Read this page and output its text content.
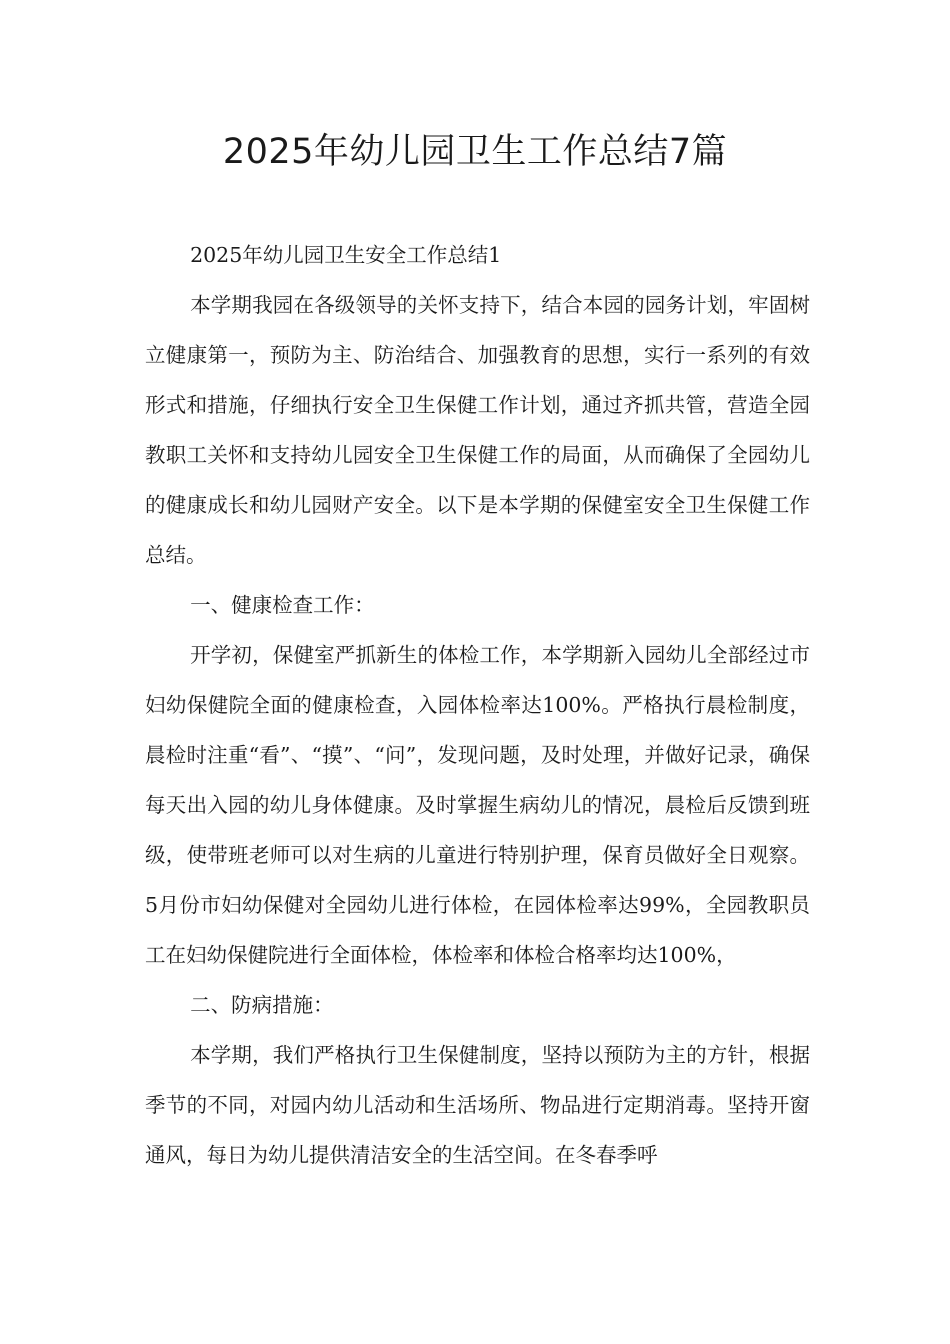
2025年幼儿园卫生工作总结7篇

2025年幼儿园卫生安全工作总结1

本学期我园在各级领导的关怀支持下，结合本园的园务计划，牢固树立健康第一，预防为主、防治结合、加强教育的思想，实行一系列的有效形式和措施，仔细执行安全卫生保健工作计划，通过齐抓共管，营造全园教职工关怀和支持幼儿园安全卫生保健工作的局面，从而确保了全园幼儿的健康成长和幼儿园财产安全。以下是本学期的保健室安全卫生保健工作总结。

一、健康检查工作：

开学初，保健室严抓新生的体检工作，本学期新入园幼儿全部经过市妇幼保健院全面的健康检查，入园体检率达100%。严格执行晨检制度，晨检时注重“看”、“摸”、“问”，发现问题，及时处理，并做好记录，确保每天出入园的幼儿身体健康。及时掌握生病幼儿的情况，晨检后反馈到班级，使带班老师可以对生病的儿童进行特别护理，保育员做好全日观察。5月份市妇幼保健对全园幼儿进行体检，在园体检率达99%，全园教职员工在妇幼保健院进行全面体检，体检率和体检合格率均达100%，

二、防病措施：

本学期，我们严格执行卫生保健制度，坚持以预防为主的方针，根据季节的不同，对园内幼儿活动和生活场所、物品进行定期消毒。坚持开窗通风，每日为幼儿提供清洁安全的生活空间。在冬春季呼
